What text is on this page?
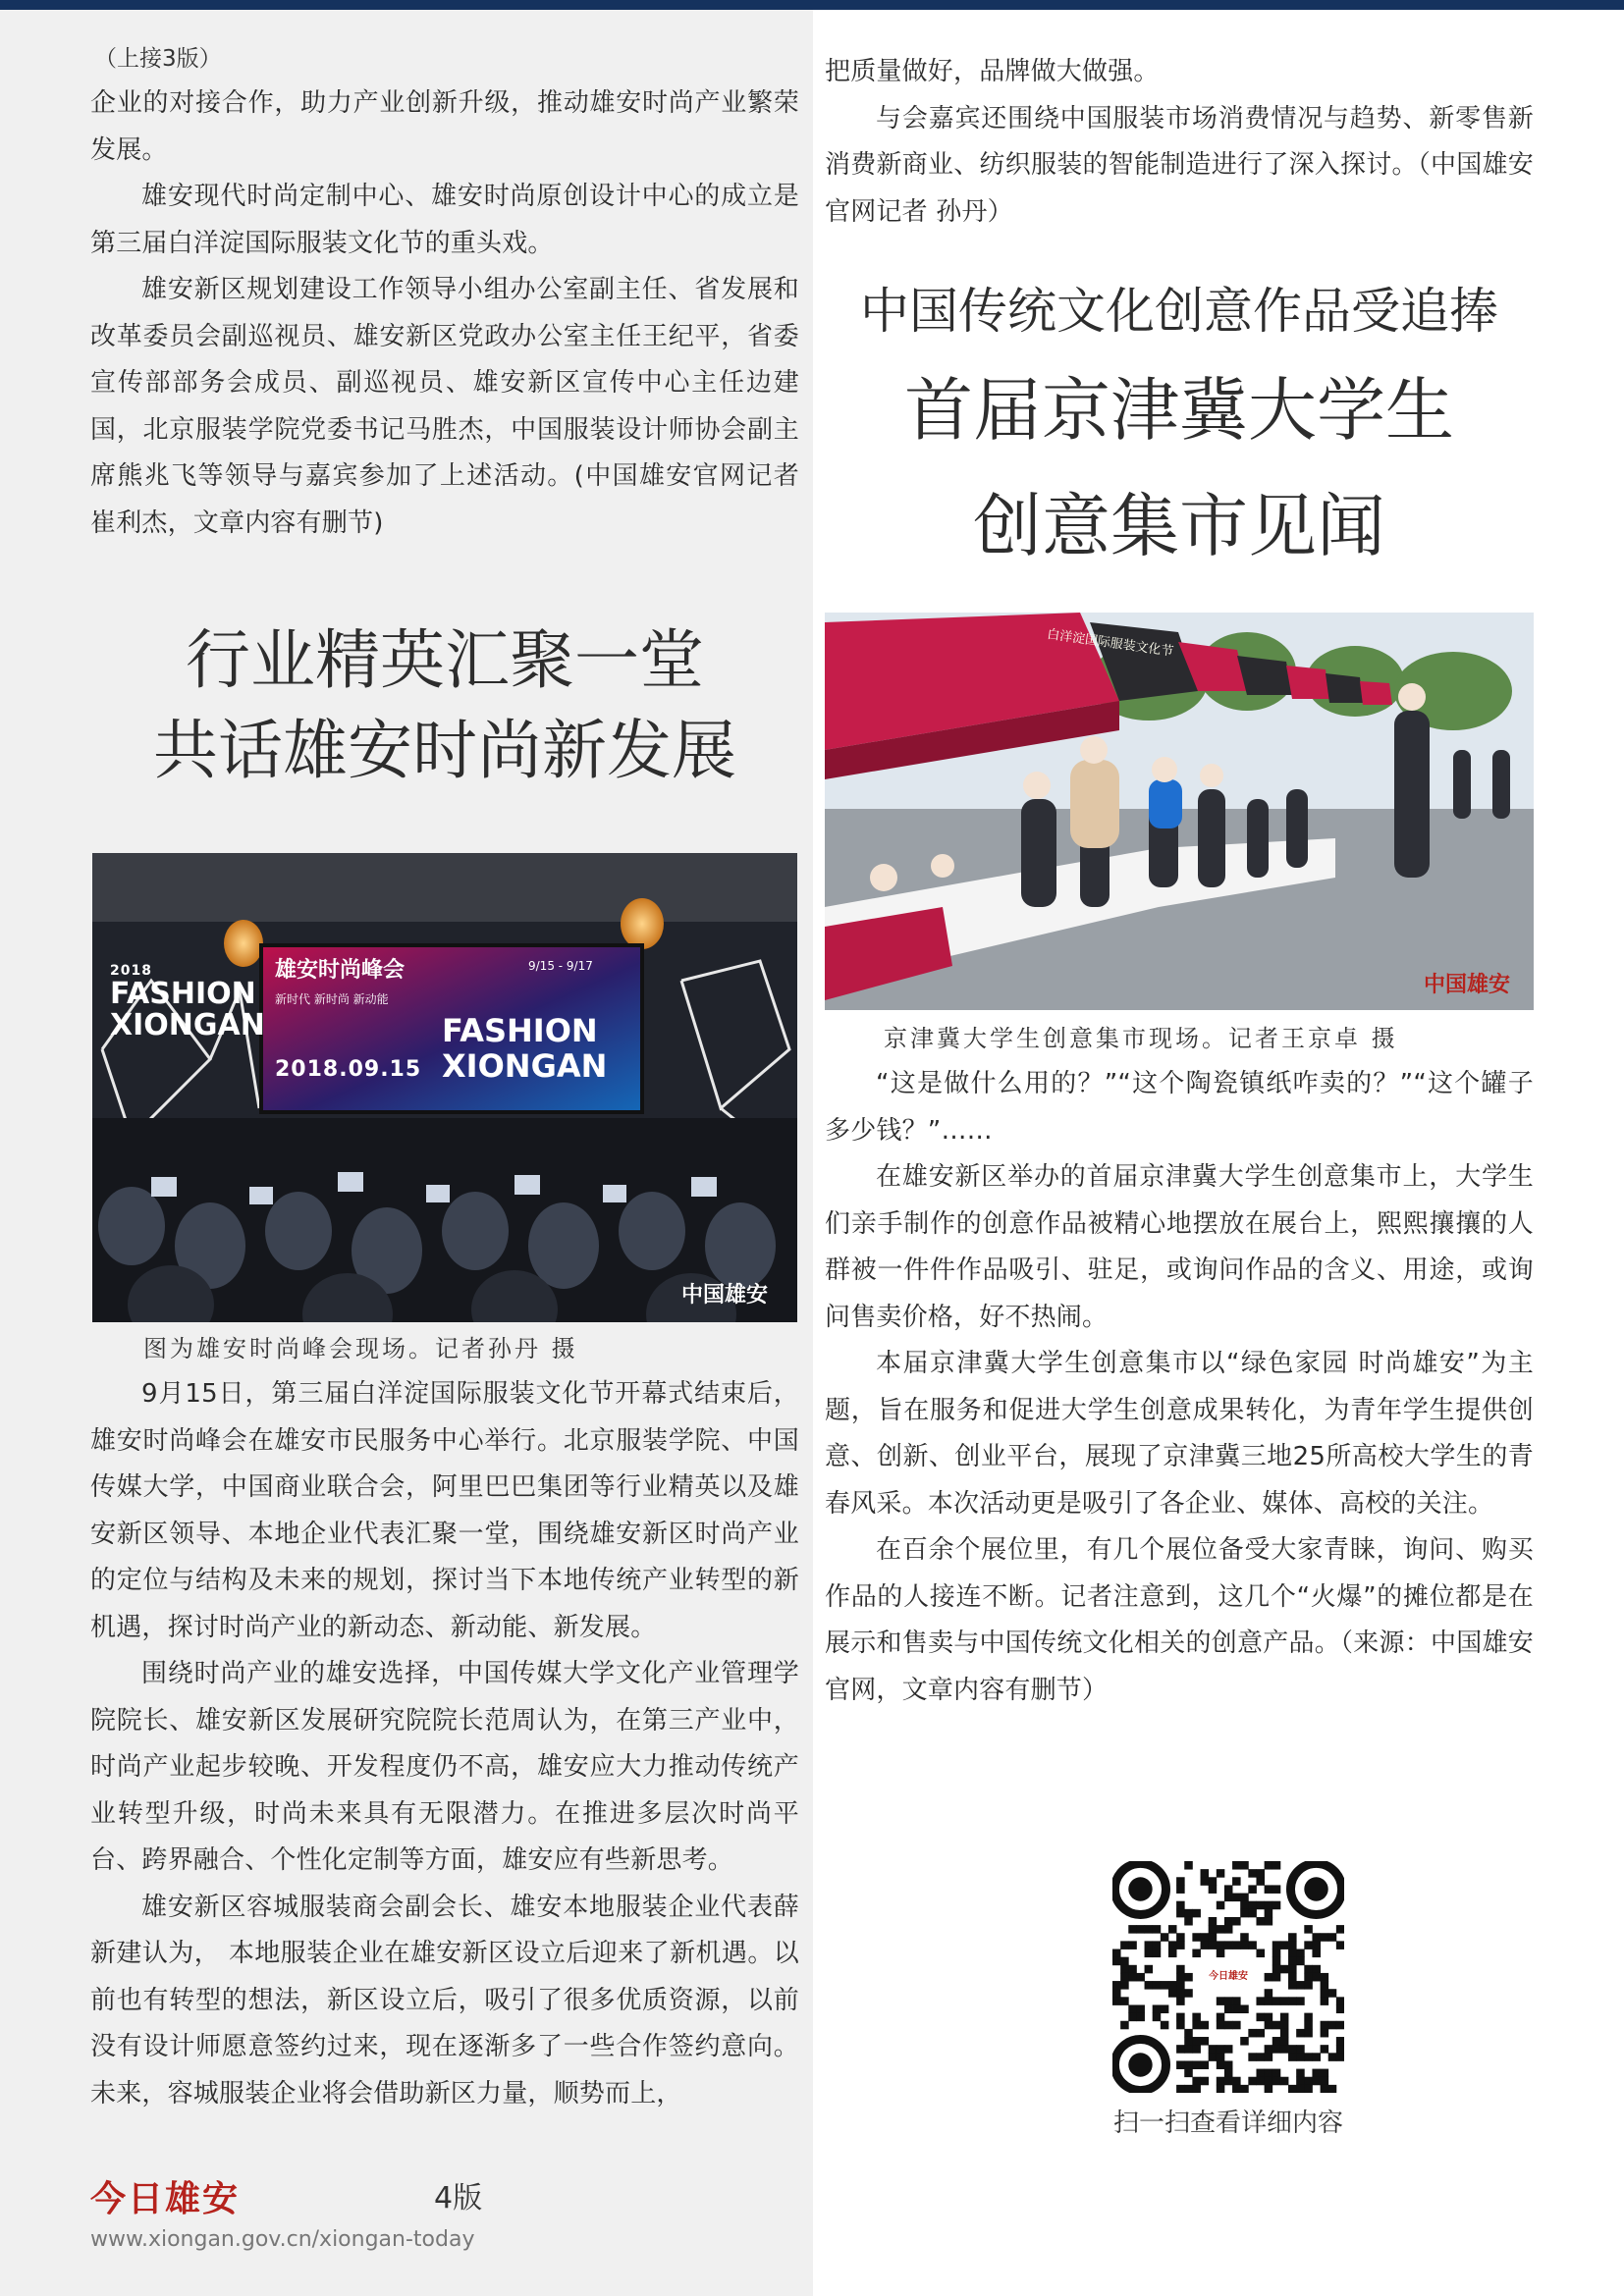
（上接3版）

企业的对接合作，助力产业创新升级，推动雄安时尚产业繁荣发展。

雄安现代时尚定制中心、雄安时尚原创设计中心的成立是第三届白洋淀国际服装文化节的重头戏。

雄安新区规划建设工作领导小组办公室副主任、省发展和改革委员会副巡视员、雄安新区党政办公室主任王纪平，省委宣传部部务会成员、副巡视员、雄安新区宣传中心主任边建国，北京服装学院党委书记马胜杰，中国服装设计师协会副主席熊兆飞等领导与嘉宾参加了上述活动。(中国雄安官网记者 崔利杰，文章内容有删节)

行业精英汇聚一堂
共话雄安时尚新发展
2018
FASHION
XIONGAN
雄安时尚峰会	9/15 - 9/17
新时代 新时尚 新动能
2018.09.15
FASHION
XIONGAN
中国雄安
图为雄安时尚峰会现场。记者孙丹 摄

9月15日，第三届白洋淀国际服装文化节开幕式结束后，雄安时尚峰会在雄安市民服务中心举行。北京服装学院、中国传媒大学，中国商业联合会，阿里巴巴集团等行业精英以及雄安新区领导、本地企业代表汇聚一堂，围绕雄安新区时尚产业的定位与结构及未来的规划，探讨当下本地传统产业转型的新机遇，探讨时尚产业的新动态、新动能、新发展。

围绕时尚产业的雄安选择，中国传媒大学文化产业管理学院院长、雄安新区发展研究院院长范周认为，在第三产业中，时尚产业起步较晚、开发程度仍不高，雄安应大力推动传统产业转型升级，时尚未来具有无限潜力。在推进多层次时尚平台、跨界融合、个性化定制等方面，雄安应有些新思考。

雄安新区容城服装商会副会长、雄安本地服装企业代表薛新建认为， 本地服装企业在雄安新区设立后迎来了新机遇。以前也有转型的想法，新区设立后，吸引了很多优质资源，以前没有设计师愿意签约过来，现在逐渐多了一些合作签约意向。未来，容城服装企业将会借助新区力量，顺势而上，

把质量做好，品牌做大做强。

与会嘉宾还围绕中国服装市场消费情况与趋势、新零售新消费新商业、纺织服装的智能制造进行了深入探讨。（中国雄安官网记者 孙丹）

中国传统文化创意作品受追捧
首届京津冀大学生
创意集市见闻
白洋淀国际服装文化节
中国雄安
京津冀大学生创意集市现场。记者王京卓 摄

“这是做什么用的？”“这个陶瓷镇纸咋卖的？”“这个罐子多少钱？”……

在雄安新区举办的首届京津冀大学生创意集市上，大学生们亲手制作的创意作品被精心地摆放在展台上，熙熙攘攘的人群被一件件作品吸引、驻足，或询问作品的含义、用途，或询问售卖价格，好不热闹。

本届京津冀大学生创意集市以“绿色家园 时尚雄安”为主题，旨在服务和促进大学生创意成果转化，为青年学生提供创意、创新、创业平台，展现了京津冀三地25所高校大学生的青春风采。本次活动更是吸引了各企业、媒体、高校的关注。

在百余个展位里，有几个展位备受大家青睐，询问、购买作品的人接连不断。记者注意到，这几个“火爆”的摊位都是在展示和售卖与中国传统文化相关的创意产品。（来源：中国雄安官网，文章内容有删节）

今日雄安
扫一扫查看详细内容
今日雄安	4版
www.xiongan.gov.cn/xiongan-today
